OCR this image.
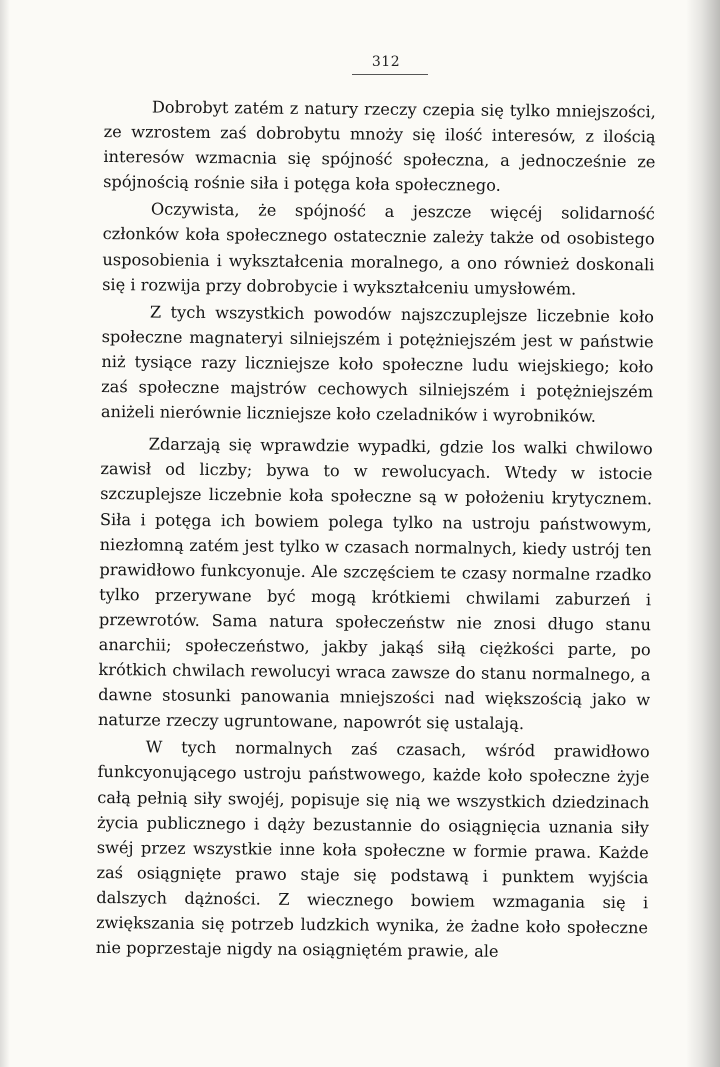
312

Dobrobyt zatém z natury rzeczy czepia się tylko mniejszości, ze wzrostem zaś dobrobytu mnoży się ilość interesów, z ilością interesów wzmacnia się spójność społeczna, a jednocześnie ze spójnością rośnie siła i potęga koła społecznego.

Oczywista, że spójność a jeszcze więcéj solidarność członków koła społecznego ostatecznie zależy także od osobistego usposobienia i wykształcenia moralnego, a ono również doskonali się i rozwija przy dobrobycie i wykształceniu umysłowém.

Z tych wszystkich powodów najszczuplejsze liczebnie koło społeczne magnateryi silniejszém i potężniejszém jest w państwie niż tysiące razy liczniejsze koło społeczne ludu wiejskiego; koło zaś społeczne majstrów cechowych silniejszém i potężniejszém aniżeli nierównie liczniejsze koło czeladników i wyrobników.

Zdarzają się wprawdzie wypadki, gdzie los walki chwilowo zawisł od liczby; bywa to w rewolucyach. Wtedy w istocie szczuplejsze liczebnie koła społeczne są w położeniu krytycznem. Siła i potęga ich bowiem polega tylko na ustroju państwowym, niezłomną zatém jest tylko w czasach normalnych, kiedy ustrój ten prawidłowo funkcyonuje. Ale szczęściem te czasy normalne rzadko tylko przerywane być mogą krótkiemi chwilami zaburzeń i przewrotów. Sama natura społeczeństw nie znosi długo stanu anarchii; społeczeństwo, jakby jakąś siłą ciężkości parte, po krótkich chwilach rewolucyi wraca zawsze do stanu normalnego, a dawne stosunki panowania mniejszości nad większością jako w naturze rzeczy ugruntowane, napowrót się ustalają.

W tych normalnych zaś czasach, wśród prawidłowo funkcyonującego ustroju państwowego, każde koło społeczne żyje całą pełnią siły swojéj, popisuje się nią we wszystkich dziedzinach życia publicznego i dąży bezustannie do osiągnięcia uznania siły swéj przez wszystkie inne koła społeczne w formie prawa. Każde zaś osiągnięte prawo staje się podstawą i punktem wyjścia dalszych dążności. Z wiecznego bowiem wzmagania się i zwiększania się potrzeb ludzkich wynika, że żadne koło społeczne nie poprzestaje nigdy na osiągniętém prawie, ale
